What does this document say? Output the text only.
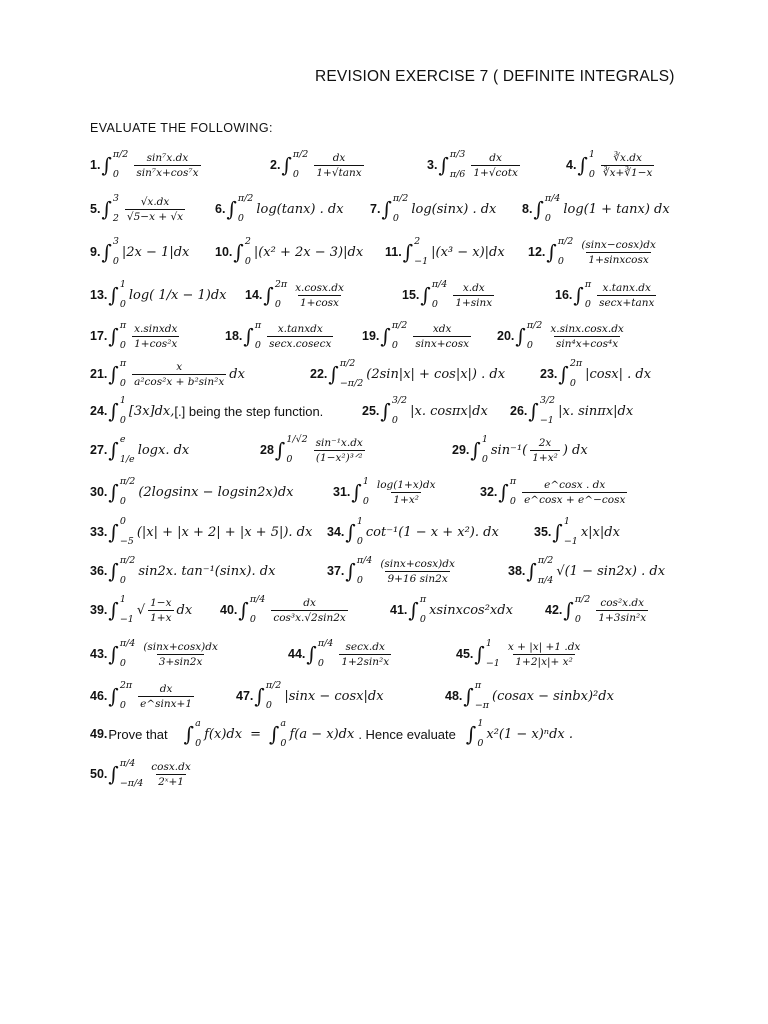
REVISION EXERCISE 7 ( DEFINITE INTEGRALS)
EVALUATE THE FOLLOWING:
1. ∫ π/2
0	$\frac{\text{sin⁷x.dx}}{\text{sin⁷x+cos⁷x}}$	2. ∫ π/2
0	$\frac{dx}{1+√\tan x}$	3. ∫ π/3
$\pi/6 \frac{dx}{1+√\cot x}$	4. ∫ 1
$0 \frac{∛x.dx}{∛x+∛1-x}$
5. ∫ 3
$2 \frac{√x.dx}{√5-x + √x} 6$. ∫ π/2
0
log(tanx) . dx 7. ∫ π/2
0
log(sinx) . dx 8. ∫ π/4
0
log(1 + tanx) dx
9. ∫ 3
0
|2x − 1|dx 10. ∫ 2
0
|(x² + 2x − 3)|dx 11. ∫ 2
−1
|(x³ − x)|dx 12. ∫ π/2
0	$\frac{(\sin x-\cos x)dx}{\text{1+sinxcosx}}$
13. ∫ 1
0
log( 1/x − 1)dx 14. ∫ 2π
0	$\frac{x.\cos x.dx}{1+\cos x}$	15. ∫ π/4
0	$\frac{x.dx}{1+\sin x}$	16. ∫ π
$0 \frac{x.\tan x.dx}{\sec x+\tan x}$
17. ∫ π
$0 \frac{\text{x.sinxdx}}{\text{1+cos²x}}$	18. ∫ π
$0 \frac{\text{x.tanxdx}}{\sec x.cosecx} 19$. ∫ π/2
0	$\frac{\text{xdx}}{\sin x+\cos x} 20$. ∫ π/2
0	$\frac{x.\sin x.\cos x.dx}{\text{sin⁴x+cos⁴x}}$
21. ∫ π
$0 \frac{x}{\text{a²cos²x + b²sin²x}}$ dx	22. ∫ π/2
−π/2
(2sin|x| + cos|x|) . dx	23. ∫ 2π
0
|cosx| . dx
24. ∫ 1
0
[3x]dx, [.] being the step function.	25. ∫ 3/2
0
|x. cosπx|dx 26. ∫ 3/2
−1
|x. sinπx|dx
27. ∫ e
1/e
logx. dx	28 ∫ 1/√2
0	$\frac{\text{sin⁻¹x.dx}}{\text{(1−x²)³ᐟ²}}$	29. ∫ 1
0
$\sin^{-1}( \frac{2x}{\text{1+x²}}$ ) dx
30. ∫ π/2
0
(2logsinx − logsin2x)dx	31. ∫ 1
$0 \frac{\log(1+x)dx}{\text{1+x²}}$	32. ∫ π
$0 \frac{e\^{}\cos x . dx}{e\^{}\cos x + e\^{}-\cos x}$
33. ∫ 0
−5
(|x| + |x + 2| + |x + 5|). dx 34. ∫ 1
0
cot⁻¹(1 − x + x²). dx	35. ∫ 1
−1
x|x|dx
36. ∫ π/2
0
sin2x. tan⁻¹(sinx). dx	37. ∫ π/4
0	$\frac{(\sin x+\cos x)dx}{9+16 \sin 2x}$	38. ∫ π/2
π/4
√(1 − sin2x) . dx
39. ∫ 1
−1
√ $\frac{1-x}{1+x}$ dx 40. ∫ π/4
0	$\frac{dx}{\text{cos³x.√2sin2x}}$	41. ∫ π
0
xsinxcos²xdx	42. ∫ π/2
0	$\frac{\text{cos²x.dx}}{\text{1+3sin²x}}$
43. ∫ π/4
0	$\frac{(\sin x+\cos x)dx}{3+\sin 2x}$	44. ∫ π/4
0	$\frac{\sec x.dx}{\text{1+2sin²x}}$	45. ∫ 1
$-1 \frac{x + |x| +1 .dx}{\text{1+2|x|+ x²}}$
46. ∫ 2π
0	$\frac{dx}{e\^{}\sin x+1}$	47. ∫ π/2
0
|sinx − cosx|dx	48. ∫ π
−π
(cosax − sinbx)²dx
49. Prove that ∫ a
0
f(x)dx = ∫ a
0
f(a − x)dx . Hence evaluate ∫ 1
0
x²(1 − x)ⁿdx .
50. ∫ π/4
$-\pi/4 \frac{\cos x.dx}{\text{2ˣ+1}}$
